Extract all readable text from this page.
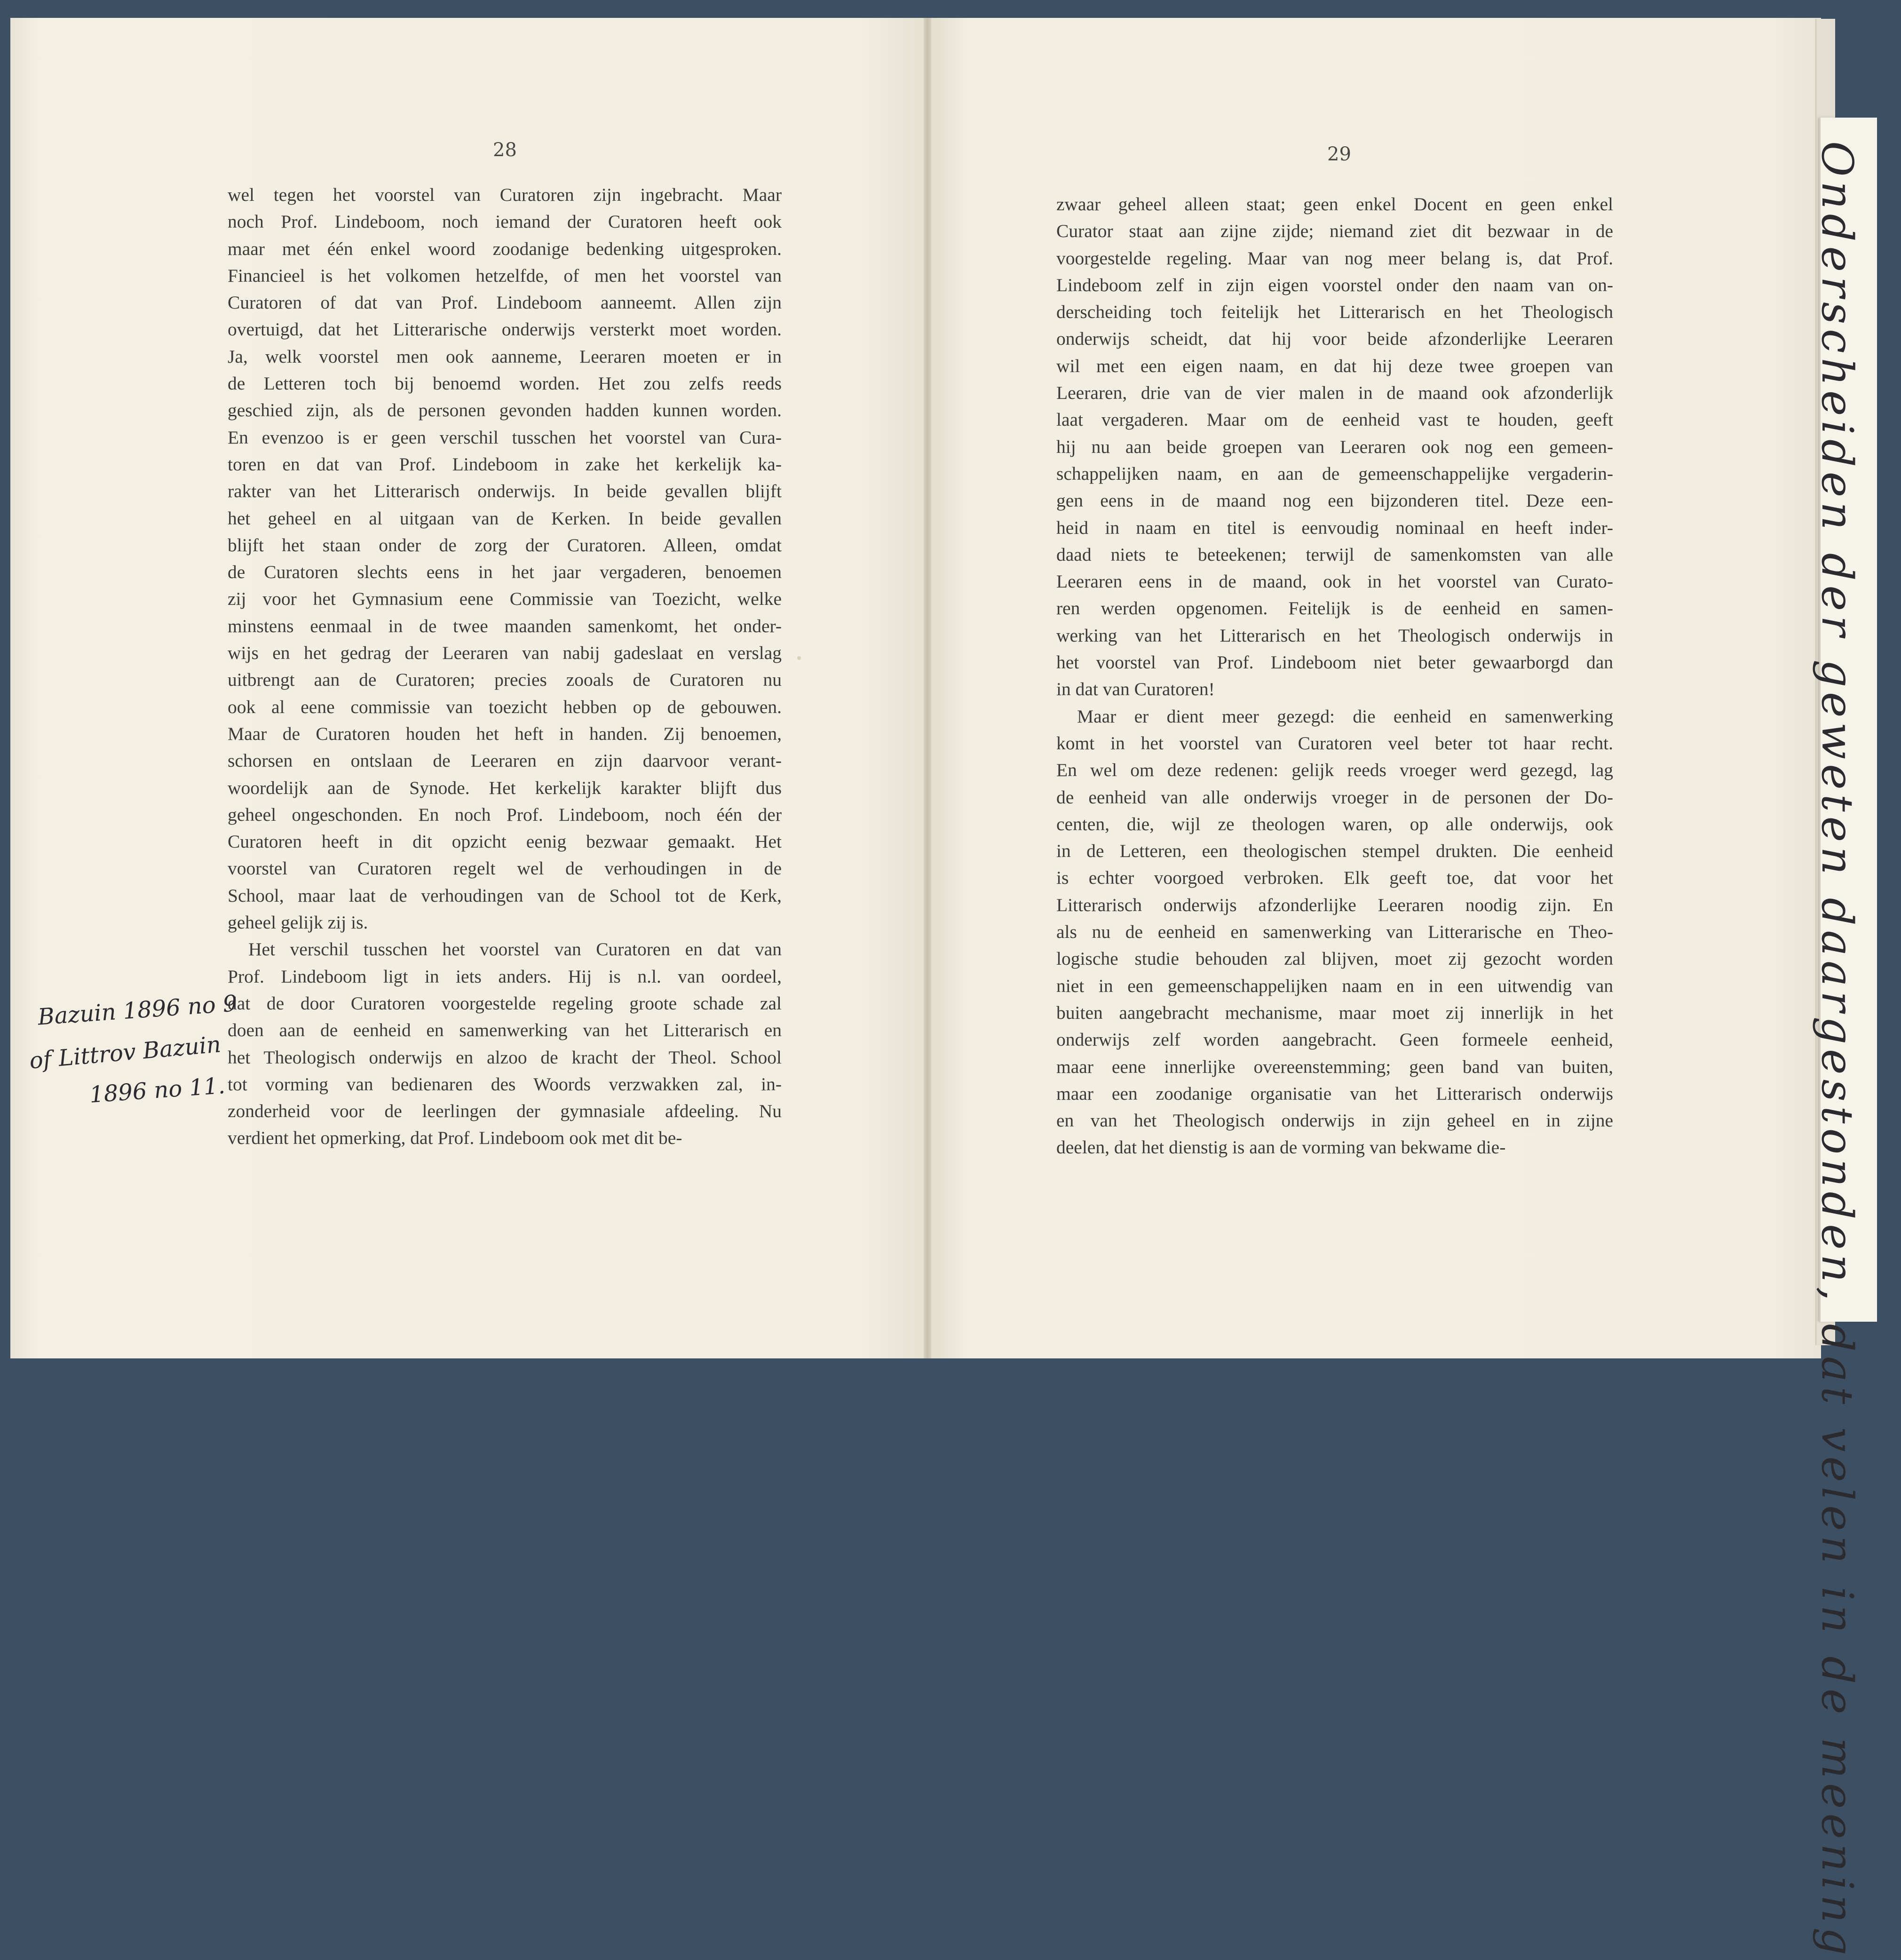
Onderscheiden der geweten daargestonden, dat velen in de meening
28	29
wel tegen het voorstel van Curatoren zijn ingebracht. Maar
noch Prof. Lindeboom, noch iemand der Curatoren heeft ook
maar met één enkel woord zoodanige bedenking uitgesproken.
Financieel is het volkomen hetzelfde, of men het voorstel van
Curatoren of dat van Prof. Lindeboom aanneemt. Allen zijn
overtuigd, dat het Litterarische onderwijs versterkt moet worden.
Ja, welk voorstel men ook aanneme, Leeraren moeten er in
de Letteren toch bij benoemd worden. Het zou zelfs reeds
geschied zijn, als de personen gevonden hadden kunnen worden.
En evenzoo is er geen verschil tusschen het voorstel van Cura-
toren en dat van Prof. Lindeboom in zake het kerkelijk ka-
rakter van het Litterarisch onderwijs. In beide gevallen blijft
het geheel en al uitgaan van de Kerken. In beide gevallen
blijft het staan onder de zorg der Curatoren. Alleen, omdat
de Curatoren slechts eens in het jaar vergaderen, benoemen
zij voor het Gymnasium eene Commissie van Toezicht, welke
minstens eenmaal in de twee maanden samenkomt, het onder-
wijs en het gedrag der Leeraren van nabij gadeslaat en verslag
uitbrengt aan de Curatoren; precies zooals de Curatoren nu
ook al eene commissie van toezicht hebben op de gebouwen.
Maar de Curatoren houden het heft in handen. Zij benoemen,
schorsen en ontslaan de Leeraren en zijn daarvoor verant-
woordelijk aan de Synode. Het kerkelijk karakter blijft dus
geheel ongeschonden. En noch Prof. Lindeboom, noch één der
Curatoren heeft in dit opzicht eenig bezwaar gemaakt. Het
voorstel van Curatoren regelt wel de verhoudingen in de
School, maar laat de verhoudingen van de School tot de Kerk,
geheel gelijk zij is.
Het verschil tusschen het voorstel van Curatoren en dat van
Prof. Lindeboom ligt in iets anders. Hij is n.l. van oordeel,
dat de door Curatoren voorgestelde regeling groote schade zal
doen aan de eenheid en samenwerking van het Litterarisch en
het Theologisch onderwijs en alzoo de kracht der Theol. School
tot vorming van bedienaren des Woords verzwakken zal, in-
zonderheid voor de leerlingen der gymnasiale afdeeling. Nu
verdient het opmerking, dat Prof. Lindeboom ook met dit be-
zwaar geheel alleen staat; geen enkel Docent en geen enkel
Curator staat aan zijne zijde; niemand ziet dit bezwaar in de
voorgestelde regeling. Maar van nog meer belang is, dat Prof.
Lindeboom zelf in zijn eigen voorstel onder den naam van on-
derscheiding toch feitelijk het Litterarisch en het Theologisch
onderwijs scheidt, dat hij voor beide afzonderlijke Leeraren
wil met een eigen naam, en dat hij deze twee groepen van
Leeraren, drie van de vier malen in de maand ook afzonderlijk
laat vergaderen. Maar om de eenheid vast te houden, geeft
hij nu aan beide groepen van Leeraren ook nog een gemeen-
schappelijken naam, en aan de gemeenschappelijke vergaderin-
gen eens in de maand nog een bijzonderen titel. Deze een-
heid in naam en titel is eenvoudig nominaal en heeft inder-
daad niets te beteekenen; terwijl de samenkomsten van alle
Leeraren eens in de maand, ook in het voorstel van Curato-
ren werden opgenomen. Feitelijk is de eenheid en samen-
werking van het Litterarisch en het Theologisch onderwijs in
het voorstel van Prof. Lindeboom niet beter gewaarborgd dan
in dat van Curatoren!
Maar er dient meer gezegd: die eenheid en samenwerking
komt in het voorstel van Curatoren veel beter tot haar recht.
En wel om deze redenen: gelijk reeds vroeger werd gezegd, lag
de eenheid van alle onderwijs vroeger in de personen der Do-
centen, die, wijl ze theologen waren, op alle onderwijs, ook
in de Letteren, een theologischen stempel drukten. Die eenheid
is echter voorgoed verbroken. Elk geeft toe, dat voor het
Litterarisch onderwijs afzonderlijke Leeraren noodig zijn. En
als nu de eenheid en samenwerking van Litterarische en Theo-
logische studie behouden zal blijven, moet zij gezocht worden
niet in een gemeenschappelijken naam en in een uitwendig van
buiten aangebracht mechanisme, maar moet zij innerlijk in het
onderwijs zelf worden aangebracht. Geen formeele eenheid,
maar eene innerlijke overeenstemming; geen band van buiten,
maar een zoodanige organisatie van het Litterarisch onderwijs
en van het Theologisch onderwijs in zijn geheel en in zijne
deelen, dat het dienstig is aan de vorming van bekwame die-
Bazuin 1896 no 9
of Littrov Bazuin
1896 no 11.
